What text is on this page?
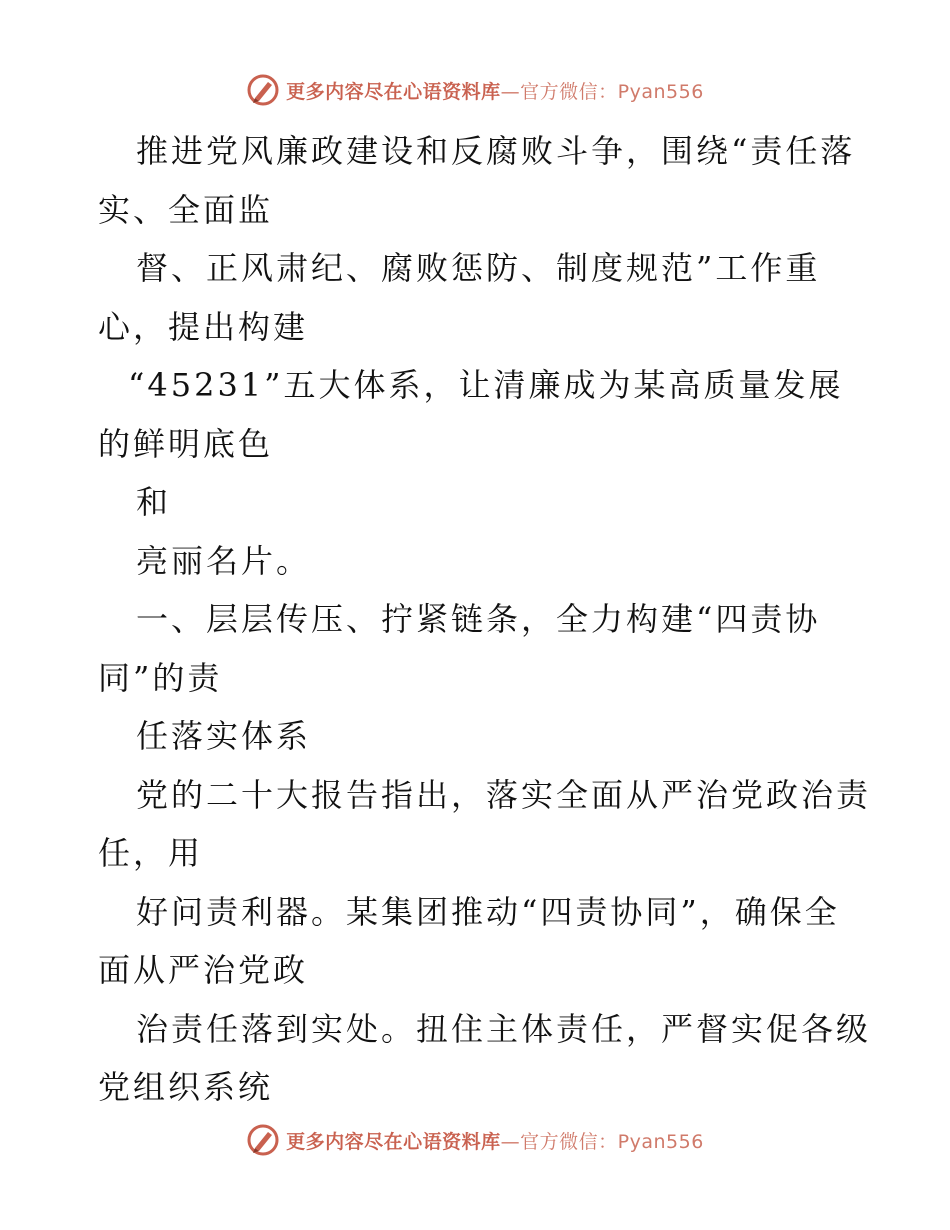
更多内容尽在心语资料库—官方微信：Pyan556
推进党风廉政建设和反腐败斗争，围绕“责任落
实、全面监
督、正风肃纪、腐败惩防、制度规范”工作重
心，提出构建
“45231”五大体系，让清廉成为某高质量发展
的鲜明底色
和
亮丽名片。
一、层层传压、拧紧链条，全力构建“四责协
同”的责
任落实体系
党的二十大报告指出，落实全面从严治党政治责
任，用
好问责利器。某集团推动“四责协同”，确保全
面从严治党政
治责任落到实处。扭住主体责任，严督实促各级
党组织系统
更多内容尽在心语资料库—官方微信：Pyan556
